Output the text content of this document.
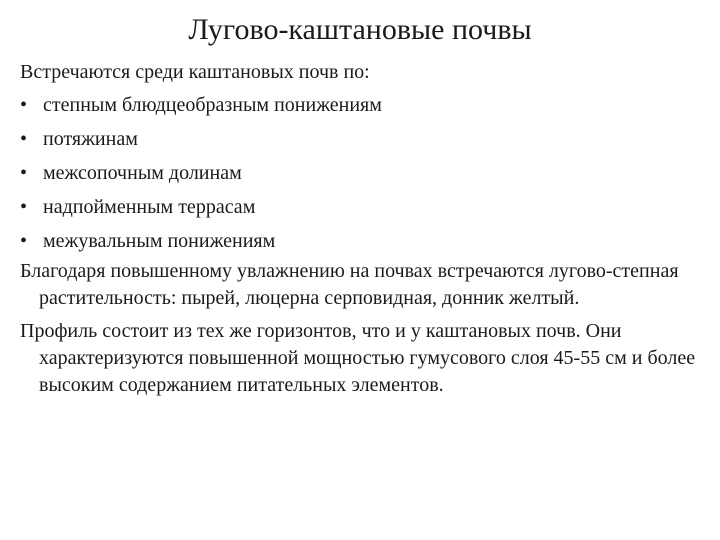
Лугово-каштановые почвы
Встречаются среди каштановых почв по:
• степным блюдцеобразным понижениям
• потяжинам
• межсопочным долинам
• надпойменным террасам
• межувальным понижениям

Благодаря повышенному увлажнению на почвах встречаются лугово-степная растительность: пырей, люцерна серповидная, донник желтый.

Профиль состоит из тех же горизонтов, что и у каштановых почв. Они характеризуются повышенной мощностью гумусового слоя 45-55 см и более высоким содержанием питательных элементов.
